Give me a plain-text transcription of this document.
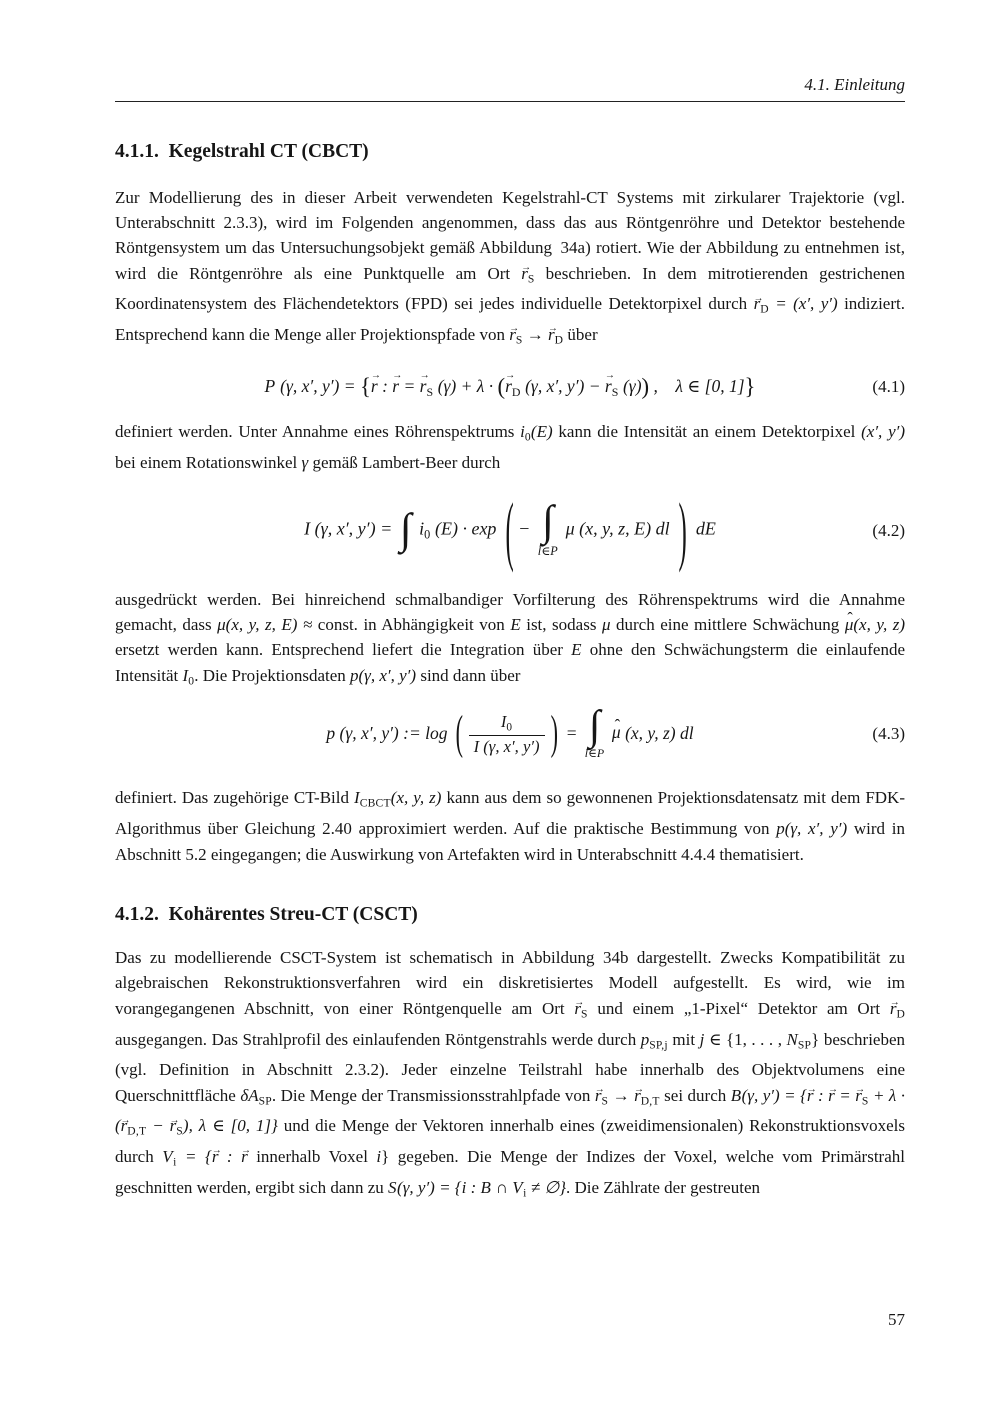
4.1. Einleitung
4.1.1. Kegelstrahl CT (CBCT)

Zur Modellierung des in dieser Arbeit verwendeten Kegelstrahl-CT Systems mit zirkularer Trajektorie (vgl. Unterabschnitt 2.3.3), wird im Folgenden angenommen, dass das aus Röntgenröhre und Detektor bestehende Röntgensystem um das Untersuchungsobjekt gemäß Abbildung 34a) rotiert. Wie der Abbildung zu entnehmen ist, wird die Röntgenröhre als eine Punktquelle am Ort $r \to_S$ beschrieben. In dem mitrotierenden gestrichenen Koordinatensystem des Flächendetektors (FPD) sei jedes individuelle Detektorpixel durch $r \to_D = (x'$, y′) indiziert. Entsprechend kann die Menge aller Projektionspfade von $r \to_S \to r \to_D$ über

P (γ, x′, y′) = {r → : r → = $r \to_S$ $(\gamma) + \lambda \cdot (r \to_D$ (γ, x′, $y') - r \to_S$ (γ)) , λ ∈ [0, 1]}	(4.1)

definiert werden. Unter Annahme eines Röhrenspektrums $i_0(E)$ kann die Intensität an einem Detektorpixel (x′, y′) bei einem Rotationswinkel γ gemäß Lambert-Beer durch

I (γ, x′, y′) = ∫ $i_0$ (E) · exp ( − ∫
l∈P
μ (x, y, z, E) dl ) dE	(4.2)

ausgedrückt werden. Bei hinreichend schmalbandiger Vorfilterung des Röhrenspektrums wird die Annahme gemacht, dass μ(x, y, z, E) ≈ const. in Abhängigkeit von E ist, sodass μ durch eine mittlere Schwächung μ ˆ(x, y, z) ersetzt werden kann. Entsprechend liefert die Integration über E ohne den Schwächungsterm die einlaufende Intensität $I_0$. Die Projektionsdaten p(γ, x′, y′) sind dann über

p (γ, x′, y′) := log ( $\frac{I_0}{I (\gamma, x', y')}$ ) = ∫
l∈P
μ ˆ (x, y, z) dl	(4.3)

definiert. Das zugehörige CT-Bild $I_{CBCT}(x$, y, z) kann aus dem so gewonnenen Projektionsdatensatz mit dem FDK-Algorithmus über Gleichung 2.40 approximiert werden. Auf die praktische Bestimmung von p(γ, x′, y′) wird in Abschnitt 5.2 eingegangen; die Auswirkung von Artefakten wird in Unterabschnitt 4.4.4 thematisiert.

4.1.2. Kohärentes Streu-CT (CSCT)

Das zu modellierende CSCT-System ist schematisch in Abbildung 34b dargestellt. Zwecks Kompatibilität zu algebraischen Rekonstruktionsverfahren wird ein diskretisiertes Modell aufgestellt. Es wird, wie im vorangegangenen Abschnitt, von einer Röntgenquelle am Ort $r \to_S$ und einem „1-Pixel“ Detektor am Ort $r \to_D$ ausgegangen. Das Strahlprofil des einlaufenden Röntgenstrahls werde durch $p_{SP,j}$ mit j ∈ {1, . . . , $N_{SP}$} beschrieben (vgl. Definition in Abschnitt 2.3.2). Jeder einzelne Teilstrahl habe innerhalb des Objektvolumens eine Querschnittfläche $\delta A_{SP}$. Die Menge der Transmissionsstrahlpfade von $r \to_S \to r \to_{D,T}$ sei durch B(γ, y′) = {r → : r → = $r \to_S + \lambda \cdot (r \to_{D,T} - r \to_S)$, λ ∈ [0, 1]} und die Menge der Vektoren innerhalb eines (zweidimensionalen) Rekonstruktionsvoxels durch $V_i = \{r$ → : r → innerhalb Voxel i} gegeben. Die Menge der Indizes der Voxel, welche vom Primärstrahl geschnitten werden, ergibt sich dann zu S(γ, y′) = {i : B ∩ $V_i$ ≠ ∅}. Die Zählrate der gestreuten

57
